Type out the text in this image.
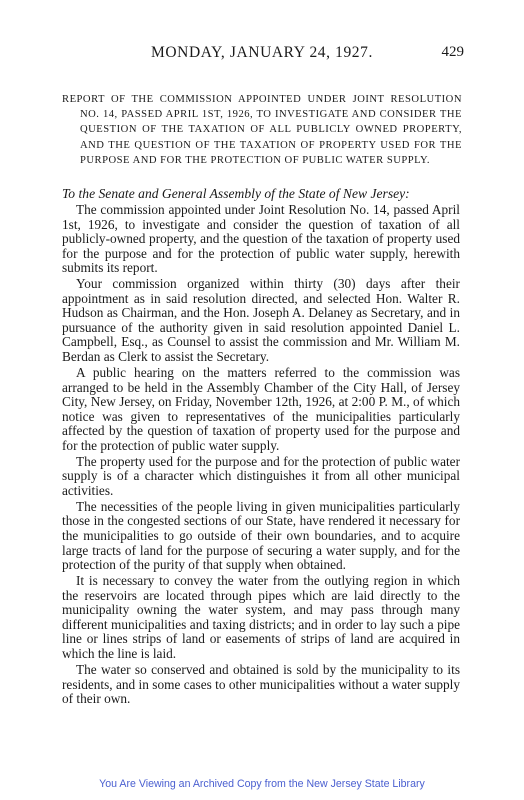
MONDAY, JANUARY 24, 1927.	429

REPORT OF THE COMMISSION APPOINTED UNDER JOINT RESOLUTION NO. 14, PASSED APRIL 1ST, 1926, TO INVESTIGATE AND CONSIDER THE QUESTION OF THE TAXATION OF ALL PUBLICLY OWNED PROPERTY, AND THE QUESTION OF THE TAXATION OF PROPERTY USED FOR THE PURPOSE AND FOR THE PROTECTION OF PUBLIC WATER SUPPLY.

To the Senate and General Assembly of the State of New Jersey:

The commission appointed under Joint Resolution No. 14, passed April 1st, 1926, to investigate and consider the question of taxation of all publicly-owned property, and the question of the taxation of property used for the purpose and for the protection of public water supply, herewith submits its report.

Your commission organized within thirty (30) days after their appointment as in said resolution directed, and selected Hon. Walter R. Hudson as Chairman, and the Hon. Joseph A. Delaney as Secretary, and in pursuance of the authority given in said resolution appointed Daniel L. Campbell, Esq., as Counsel to assist the commission and Mr. William M. Berdan as Clerk to assist the Secretary.

A public hearing on the matters referred to the commission was arranged to be held in the Assembly Chamber of the City Hall, of Jersey City, New Jersey, on Friday, November 12th, 1926, at 2:00 P. M., of which notice was given to representatives of the municipalities particularly affected by the question of taxation of property used for the purpose and for the protection of public water supply.

The property used for the purpose and for the protection of public water supply is of a character which distinguishes it from all other municipal activities.

The necessities of the people living in given municipalities particularly those in the congested sections of our State, have rendered it necessary for the municipalities to go outside of their own boundaries, and to acquire large tracts of land for the purpose of securing a water supply, and for the protection of the purity of that supply when obtained.

It is necessary to convey the water from the outlying region in which the reservoirs are located through pipes which are laid directly to the municipality owning the water system, and may pass through many different municipalities and taxing districts; and in order to lay such a pipe line or lines strips of land or easements of strips of land are acquired in which the line is laid.

The water so conserved and obtained is sold by the municipality to its residents, and in some cases to other municipalities without a water supply of their own.

You Are Viewing an Archived Copy from the New Jersey State Library
